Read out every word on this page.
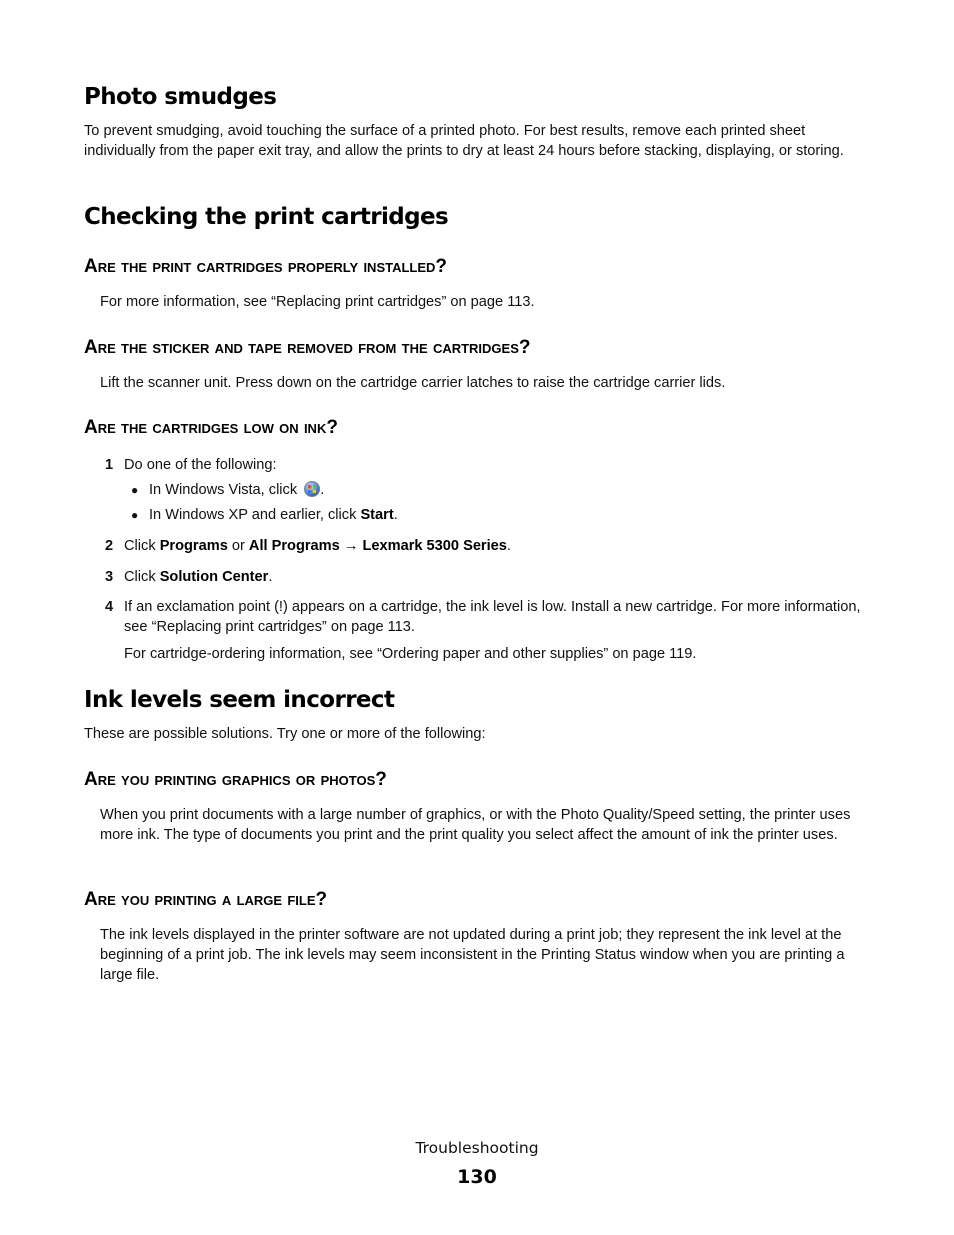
Photo smudges

To prevent smudging, avoid touching the surface of a printed photo. For best results, remove each printed sheet individually from the paper exit tray, and allow the prints to dry at least 24 hours before stacking, displaying, or storing.

Checking the print cartridges
Are the print cartridges properly installed?

For more information, see “Replacing print cartridges” on page 113.

Are the sticker and tape removed from the cartridges?

Lift the scanner unit. Press down on the cartridge carrier latches to raise the cartridge carrier lids.

Are the cartridges low on ink?
1 Do one of the following:

● In Windows Vista, click .

● In Windows XP and earlier, click Start.

2 Click Programs or All Programs → Lexmark 5300 Series.

3 Click Solution Center.

4 If an exclamation point (!) appears on a cartridge, the ink level is low. Install a new cartridge. For more information, see “Replacing print cartridges” on page 113.

For cartridge-ordering information, see “Ordering paper and other supplies” on page 119.

Ink levels seem incorrect

These are possible solutions. Try one or more of the following:

Are you printing graphics or photos?

When you print documents with a large number of graphics, or with the Photo Quality/Speed setting, the printer uses more ink. The type of documents you print and the print quality you select affect the amount of ink the printer uses.

Are you printing a large file?

The ink levels displayed in the printer software are not updated during a print job; they represent the ink level at the beginning of a print job. The ink levels may seem inconsistent in the Printing Status window when you are printing a large file.

Troubleshooting
130
